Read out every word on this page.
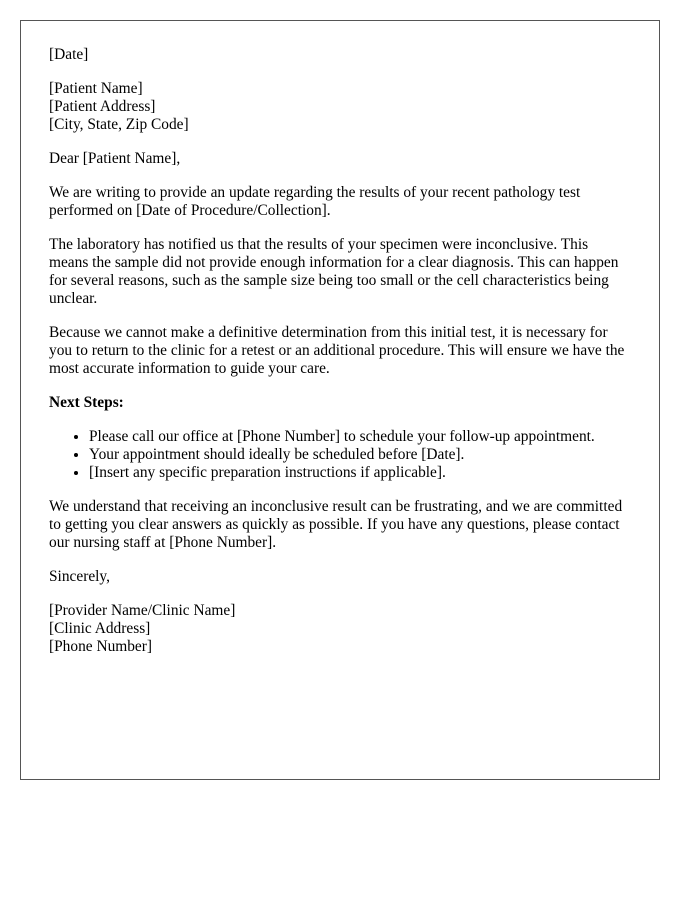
[Date]

[Patient Name]
[Patient Address]
[City, State, Zip Code]

Dear [Patient Name],

We are writing to provide an update regarding the results of your recent pathology test performed on [Date of Procedure/Collection].

The laboratory has notified us that the results of your specimen were inconclusive. This means the sample did not provide enough information for a clear diagnosis. This can happen for several reasons, such as the sample size being too small or the cell characteristics being unclear.

Because we cannot make a definitive determination from this initial test, it is necessary for you to return to the clinic for a retest or an additional procedure. This will ensure we have the most accurate information to guide your care.

Next Steps:

• Please call our office at [Phone Number] to schedule your follow-up appointment.
• Your appointment should ideally be scheduled before [Date].
• [Insert any specific preparation instructions if applicable].

We understand that receiving an inconclusive result can be frustrating, and we are committed to getting you clear answers as quickly as possible. If you have any questions, please contact our nursing staff at [Phone Number].

Sincerely,

[Provider Name/Clinic Name]
[Clinic Address]
[Phone Number]
